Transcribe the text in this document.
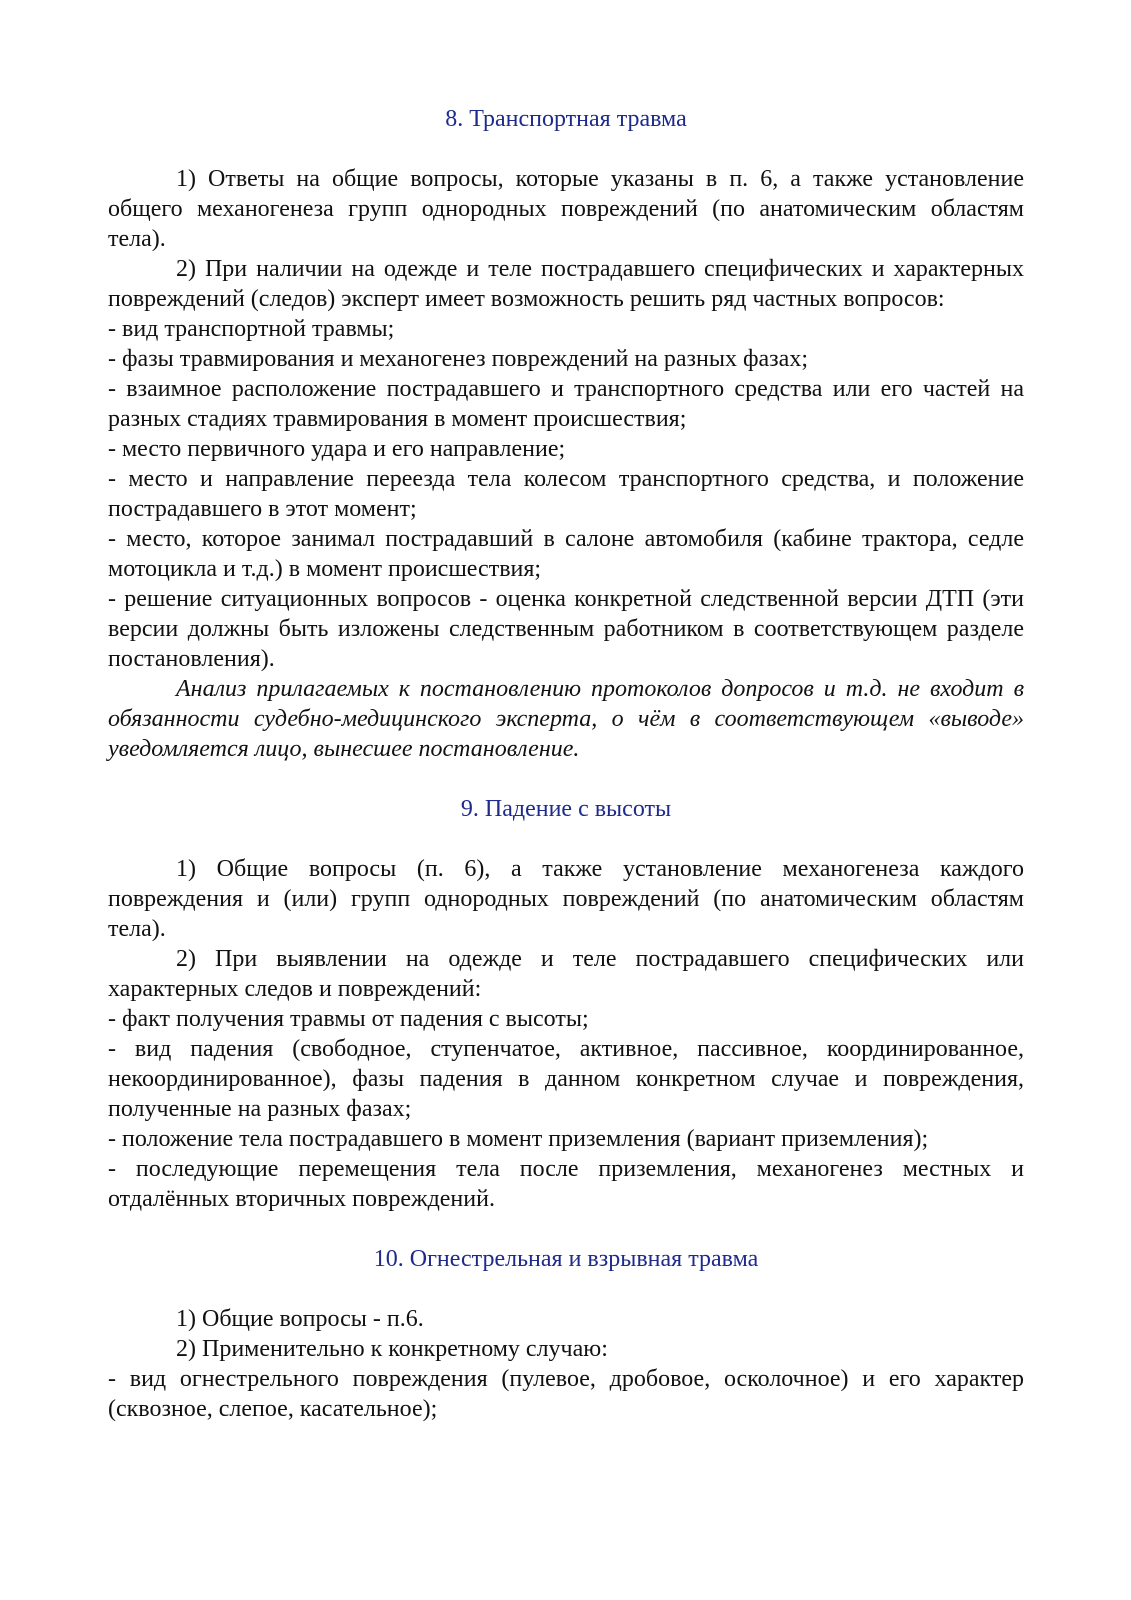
8. Транспортная травма

1) Ответы на общие вопросы, которые указаны в п. 6, а также установление общего механогенеза групп однородных повреждений (по анатомическим областям тела).

2) При наличии на одежде и теле пострадавшего специфических и характерных повреждений (следов) эксперт имеет возможность решить ряд частных вопросов:

- вид транспортной травмы;

- фазы травмирования и механогенез повреждений на разных фазах;

- взаимное расположение пострадавшего и транспортного средства или его частей на разных стадиях травмирования в момент происшествия;

- место первичного удара и его направление;

- место и направление переезда тела колесом транспортного средства, и положение пострадавшего в этот момент;

- место, которое занимал пострадавший в салоне автомобиля (кабине трактора, седле мотоцикла и т.д.) в момент происшествия;

- решение ситуационных вопросов - оценка конкретной следственной версии ДТП (эти версии должны быть изложены следственным работником в соответствующем разделе постановления).

Анализ прилагаемых к постановлению протоколов допросов и т.д. не входит в обязанности судебно-медицинского эксперта, о чём в соответствующем «выводе» уведомляется лицо, вынесшее постановление.

9. Падение с высоты

1) Общие вопросы (п. 6), а также установление механогенеза каждого повреждения и (или) групп однородных повреждений (по анатомическим областям тела).

2) При выявлении на одежде и теле пострадавшего специфических или характерных следов и повреждений:

- факт получения травмы от падения с высоты;

- вид падения (свободное, ступенчатое, активное, пассивное, координированное, некоординированное), фазы падения в данном конкретном случае и повреждения, полученные на разных фазах;

- положение тела пострадавшего в момент приземления (вариант приземления);

- последующие перемещения тела после приземления, механогенез местных и отдалённых вторичных повреждений.

10. Огнестрельная и взрывная травма

1) Общие вопросы - п.6.

2) Применительно к конкретному случаю:

- вид огнестрельного повреждения (пулевое, дробовое, осколочное) и его характер (сквозное, слепое, касательное);
